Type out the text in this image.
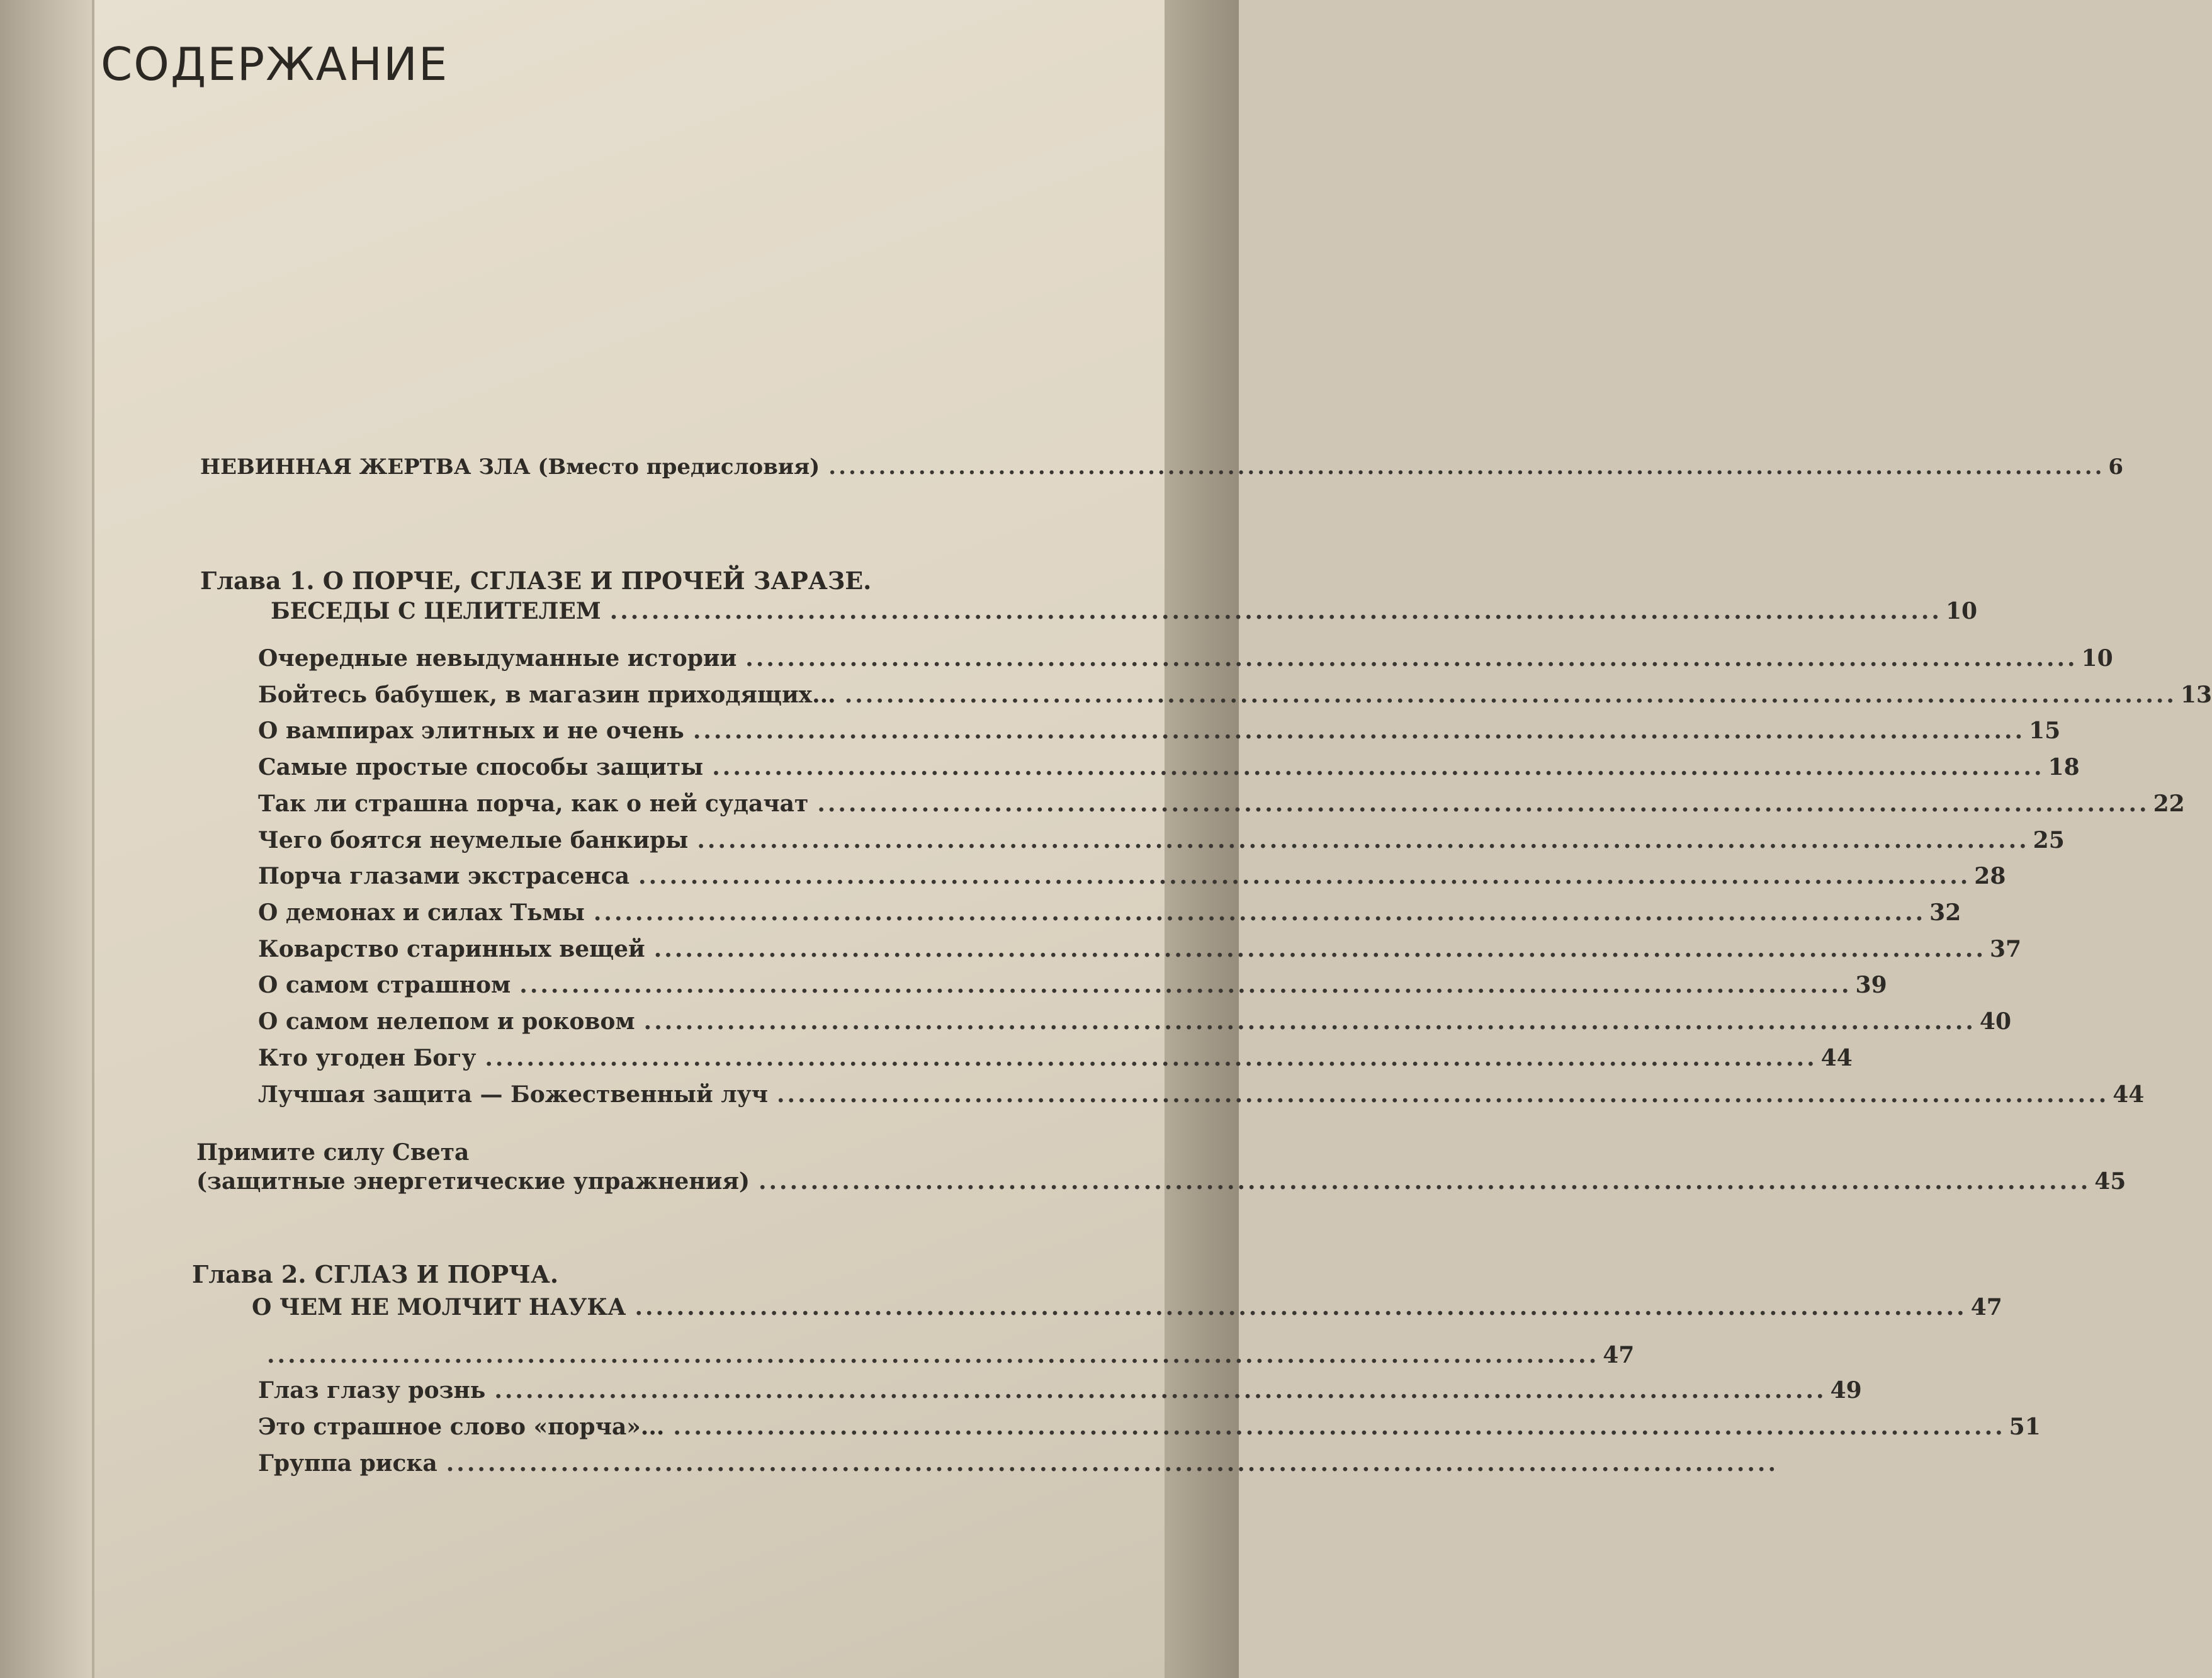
СОДЕРЖАНИЕ
НЕВИННАЯ ЖЕРТВА ЗЛА (Вместо предисловия) ................................................................................................................................ 6
Глава 1. О ПОРЧЕ, СГЛАЗЕ И ПРОЧЕЙ ЗАРАЗЕ.
БЕСЕДЫ С ЦЕЛИТЕЛЕМ ................................................................................................................................ 10
Очередные невыдуманные истории ................................................................................................................................ 10
Бойтесь бабушек, в магазин приходящих... ................................................................................................................................ 13
О вампирах элитных и не очень ................................................................................................................................ 15
Самые простые способы защиты ................................................................................................................................ 18
Так ли страшна порча, как о ней судачат ................................................................................................................................ 22
Чего боятся неумелые банкиры ................................................................................................................................ 25
Порча глазами экстрасенса ................................................................................................................................ 28
О демонах и силах Тьмы ................................................................................................................................ 32
Коварство старинных вещей ................................................................................................................................ 37
О самом страшном ................................................................................................................................ 39
О самом нелепом и роковом ................................................................................................................................ 40
Кто угоден Богу ................................................................................................................................ 44
Лучшая защита — Божественный луч ................................................................................................................................ 44
Примите силу Света
(защитные энергетические упражнения) ................................................................................................................................ 45
Глава 2. СГЛАЗ И ПОРЧА.
О ЧЕМ НЕ МОЛЧИТ НАУКА ................................................................................................................................ 47
................................................................................................................................ 47
Глаз глазу рознь ................................................................................................................................ 49
Это страшное слово «порча»... ................................................................................................................................ 51
Группа риска ................................................................................................................................
